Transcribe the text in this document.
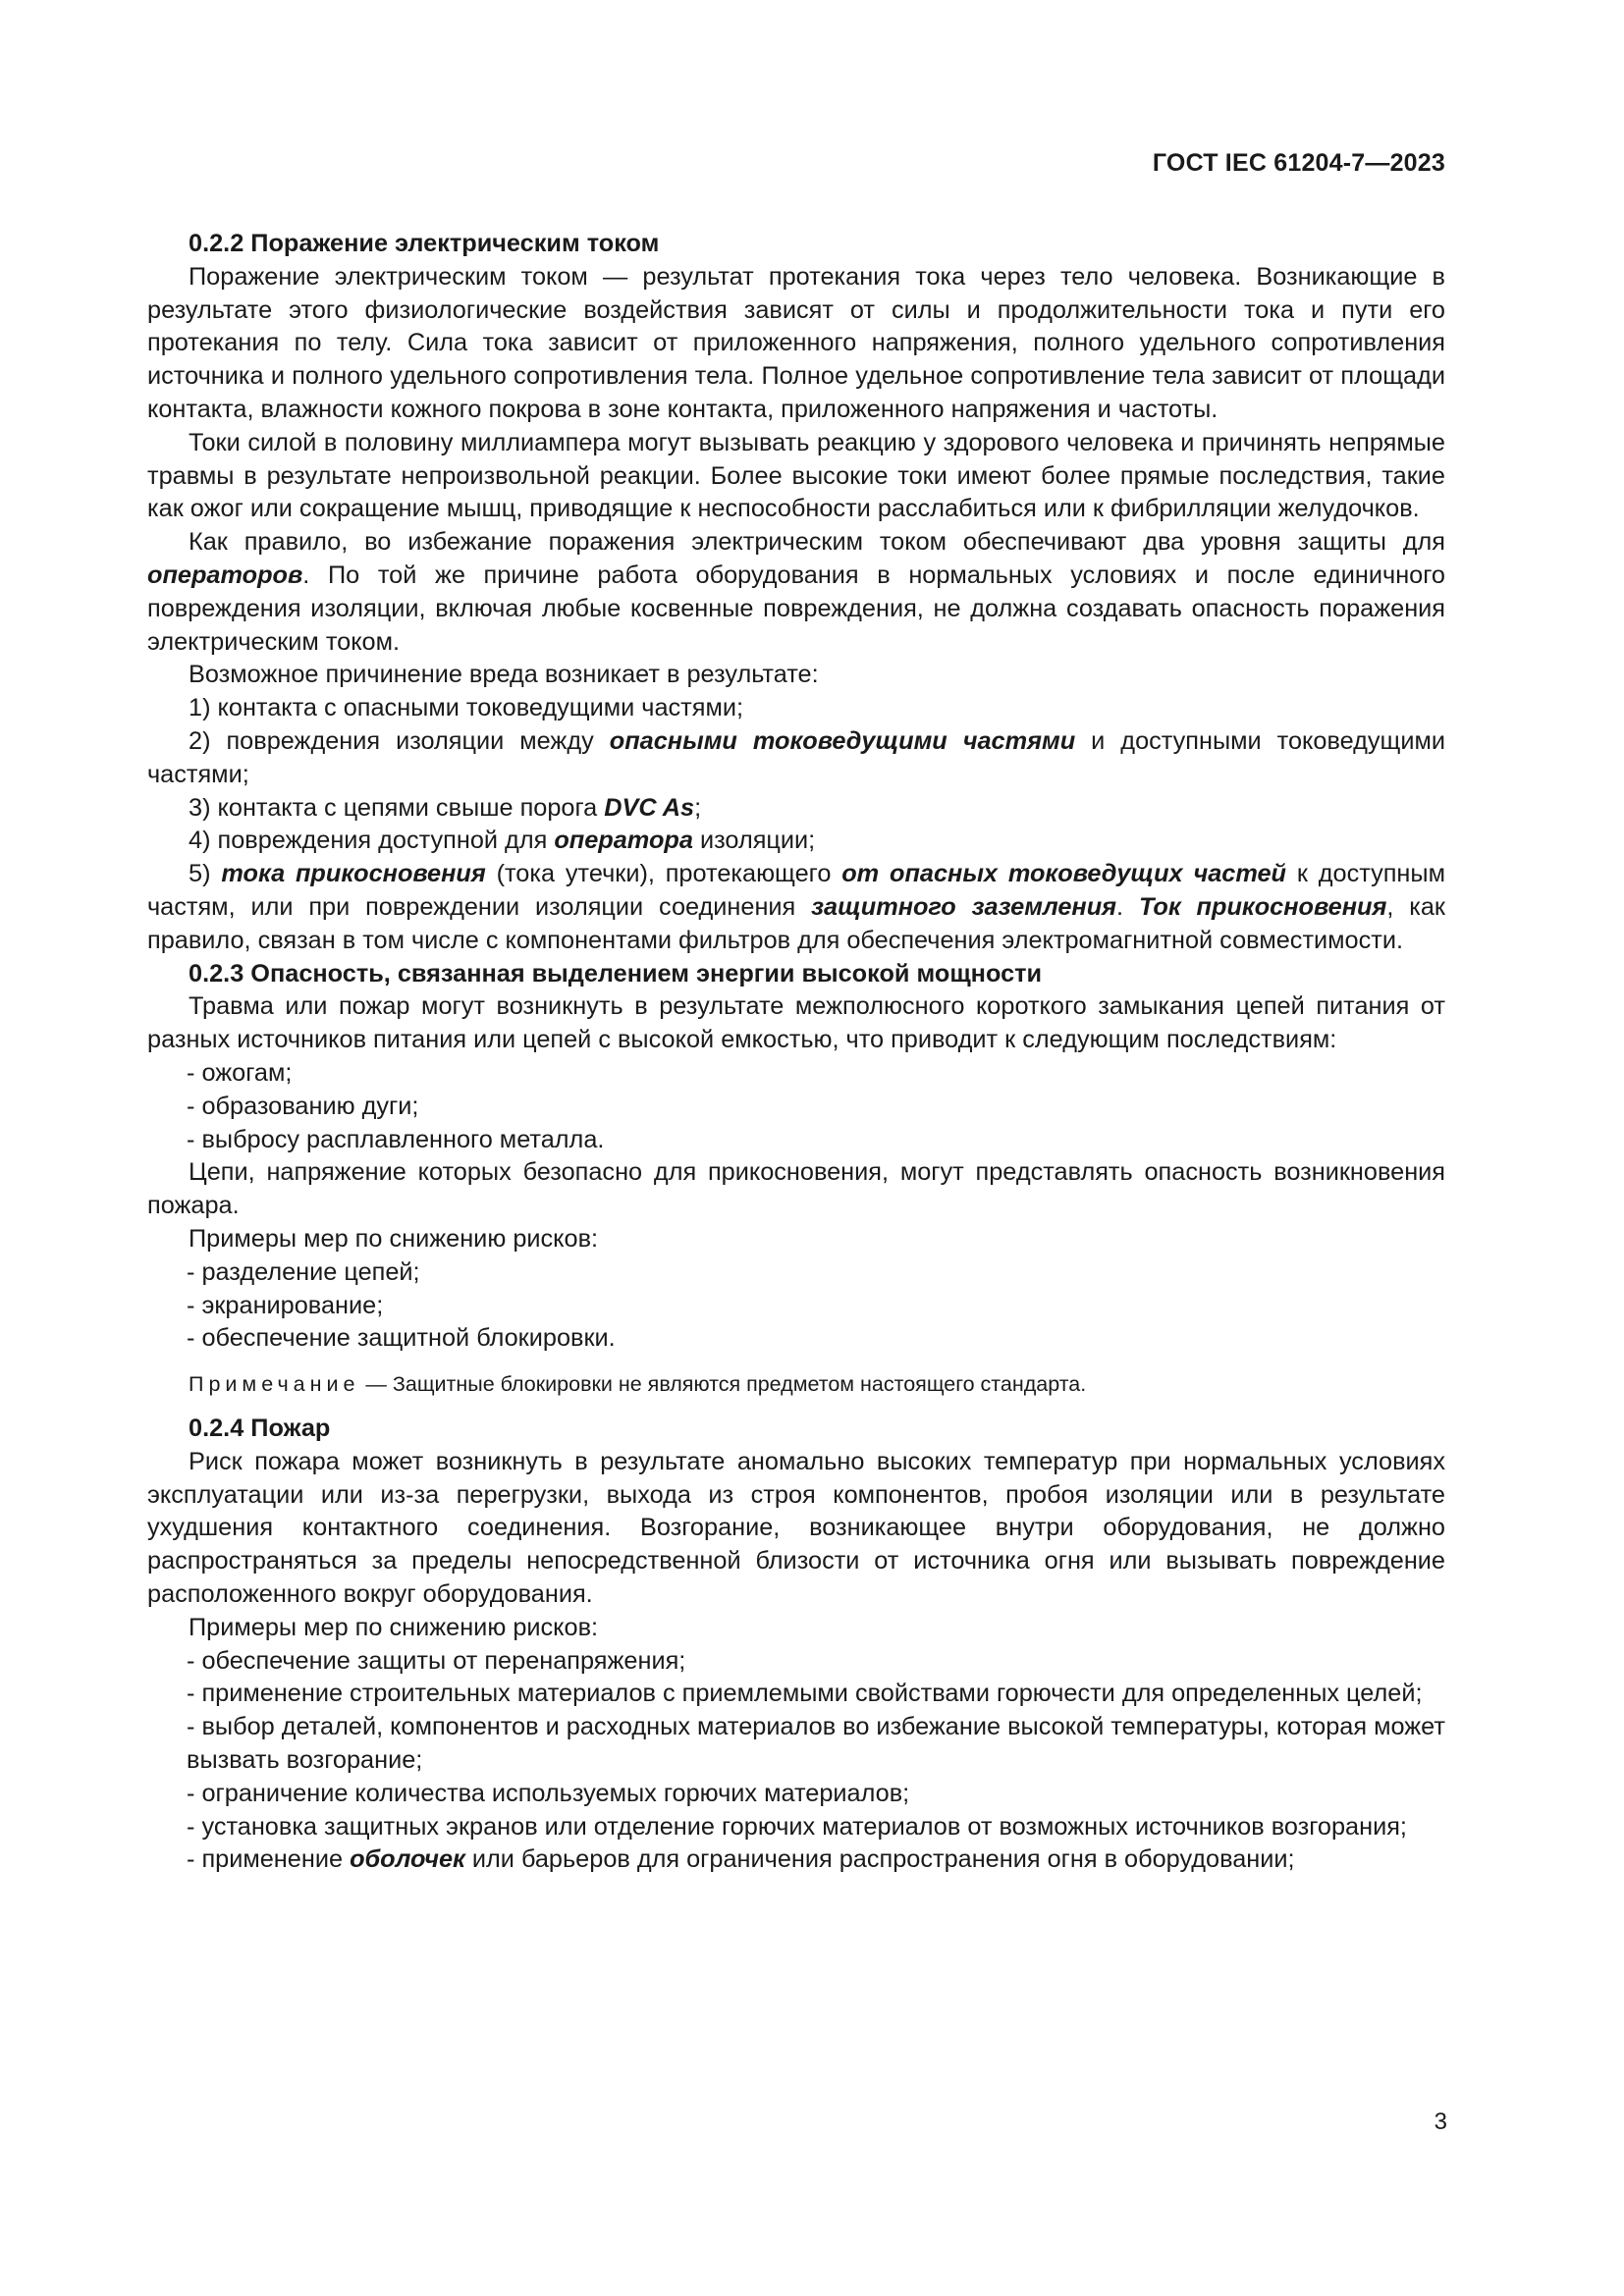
ГОСТ IEC 61204-7—2023

0.2.2 Поражение электрическим током

Поражение электрическим током — результат протекания тока через тело человека. Возникающие в результате этого физиологические воздействия зависят от силы и продолжительности тока и пути его протекания по телу. Сила тока зависит от приложенного напряжения, полного удельного сопротивления источника и полного удельного сопротивления тела. Полное удельное сопротивление тела зависит от площади контакта, влажности кожного покрова в зоне контакта, приложенного напряжения и частоты.

Токи силой в половину миллиампера могут вызывать реакцию у здорового человека и причинять непрямые травмы в результате непроизвольной реакции. Более высокие токи имеют более прямые последствия, такие как ожог или сокращение мышц, приводящие к неспособности расслабиться или к фибрилляции желудочков.

Как правило, во избежание поражения электрическим током обеспечивают два уровня защиты для операторов. По той же причине работа оборудования в нормальных условиях и после единичного повреждения изоляции, включая любые косвенные повреждения, не должна создавать опасность поражения электрическим током.

Возможное причинение вреда возникает в результате:

1) контакта с опасными токоведущими частями;

2) повреждения изоляции между опасными токоведущими частями и доступными токоведущими частями;

3) контакта с цепями свыше порога DVC As;

4) повреждения доступной для оператора изоляции;

5) тока прикосновения (тока утечки), протекающего от опасных токоведущих частей к доступным частям, или при повреждении изоляции соединения защитного заземления. Ток прикосновения, как правило, связан в том числе с компонентами фильтров для обеспечения электромагнитной совместимости.

0.2.3 Опасность, связанная выделением энергии высокой мощности

Травма или пожар могут возникнуть в результате межполюсного короткого замыкания цепей питания от разных источников питания или цепей с высокой емкостью, что приводит к следующим последствиям:

- ожогам;

- образованию дуги;

- выбросу расплавленного металла.

Цепи, напряжение которых безопасно для прикосновения, могут представлять опасность возникновения пожара.

Примеры мер по снижению рисков:

- разделение цепей;

- экранирование;

- обеспечение защитной блокировки.

Примечание — Защитные блокировки не являются предметом настоящего стандарта.

0.2.4 Пожар

Риск пожара может возникнуть в результате аномально высоких температур при нормальных условиях эксплуатации или из-за перегрузки, выхода из строя компонентов, пробоя изоляции или в результате ухудшения контактного соединения. Возгорание, возникающее внутри оборудования, не должно распространяться за пределы непосредственной близости от источника огня или вызывать повреждение расположенного вокруг оборудования.

Примеры мер по снижению рисков:

- обеспечение защиты от перенапряжения;

- применение строительных материалов с приемлемыми свойствами горючести для определенных целей;

- выбор деталей, компонентов и расходных материалов во избежание высокой температуры, которая может вызвать возгорание;

- ограничение количества используемых горючих материалов;

- установка защитных экранов или отделение горючих материалов от возможных источников возгорания;

- применение оболочек или барьеров для ограничения распространения огня в оборудовании;

3
